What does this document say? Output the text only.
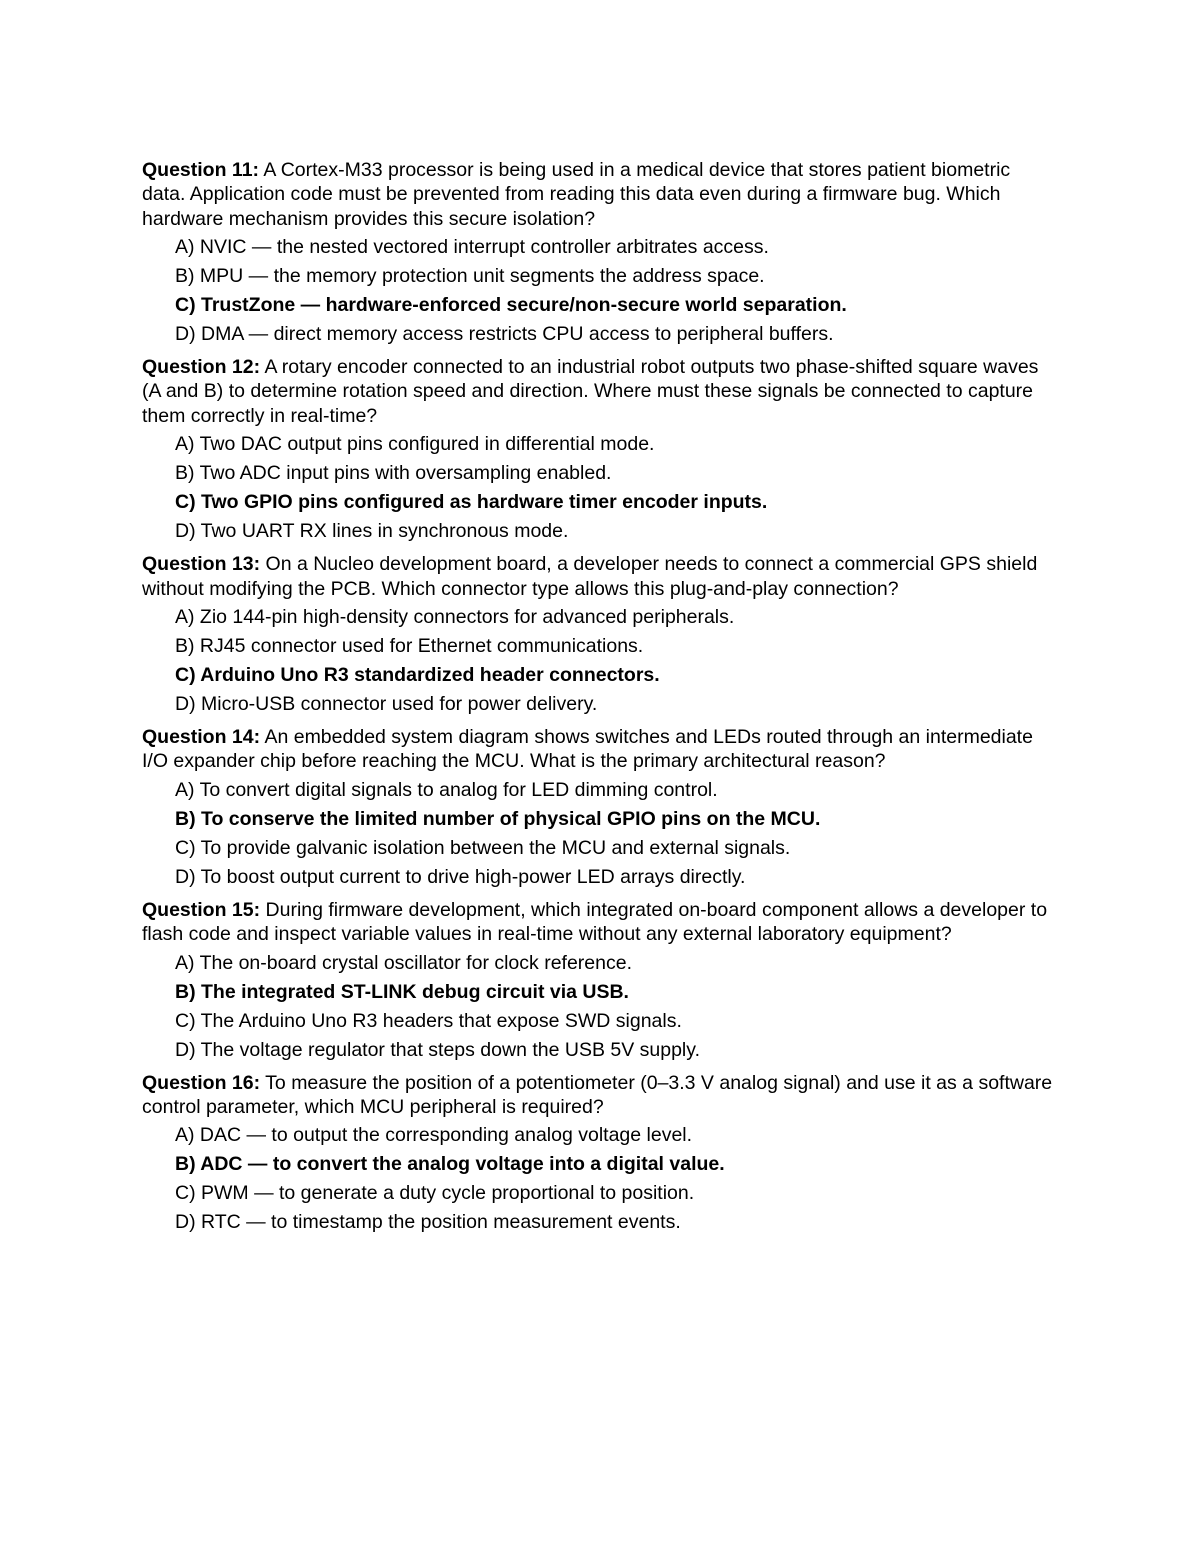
Question 11: A Cortex-M33 processor is being used in a medical device that stores patient biometric data. Application code must be prevented from reading this data even during a firmware bug. Which hardware mechanism provides this secure isolation?

A) NVIC — the nested vectored interrupt controller arbitrates access.
B) MPU — the memory protection unit segments the address space.
C) TrustZone — hardware-enforced secure/non-secure world separation.
D) DMA — direct memory access restricts CPU access to peripheral buffers.

Question 12: A rotary encoder connected to an industrial robot outputs two phase-shifted square waves (A and B) to determine rotation speed and direction. Where must these signals be connected to capture them correctly in real-time?

A) Two DAC output pins configured in differential mode.
B) Two ADC input pins with oversampling enabled.
C) Two GPIO pins configured as hardware timer encoder inputs.
D) Two UART RX lines in synchronous mode.

Question 13: On a Nucleo development board, a developer needs to connect a commercial GPS shield without modifying the PCB. Which connector type allows this plug-and-play connection?

A) Zio 144-pin high-density connectors for advanced peripherals.
B) RJ45 connector used for Ethernet communications.
C) Arduino Uno R3 standardized header connectors.
D) Micro-USB connector used for power delivery.

Question 14: An embedded system diagram shows switches and LEDs routed through an intermediate I/O expander chip before reaching the MCU. What is the primary architectural reason?

A) To convert digital signals to analog for LED dimming control.
B) To conserve the limited number of physical GPIO pins on the MCU.
C) To provide galvanic isolation between the MCU and external signals.
D) To boost output current to drive high-power LED arrays directly.

Question 15: During firmware development, which integrated on-board component allows a developer to flash code and inspect variable values in real-time without any external laboratory equipment?

A) The on-board crystal oscillator for clock reference.
B) The integrated ST-LINK debug circuit via USB.
C) The Arduino Uno R3 headers that expose SWD signals.
D) The voltage regulator that steps down the USB 5V supply.

Question 16: To measure the position of a potentiometer (0–3.3 V analog signal) and use it as a software control parameter, which MCU peripheral is required?

A) DAC — to output the corresponding analog voltage level.
B) ADC — to convert the analog voltage into a digital value.
C) PWM — to generate a duty cycle proportional to position.
D) RTC — to timestamp the position measurement events.
